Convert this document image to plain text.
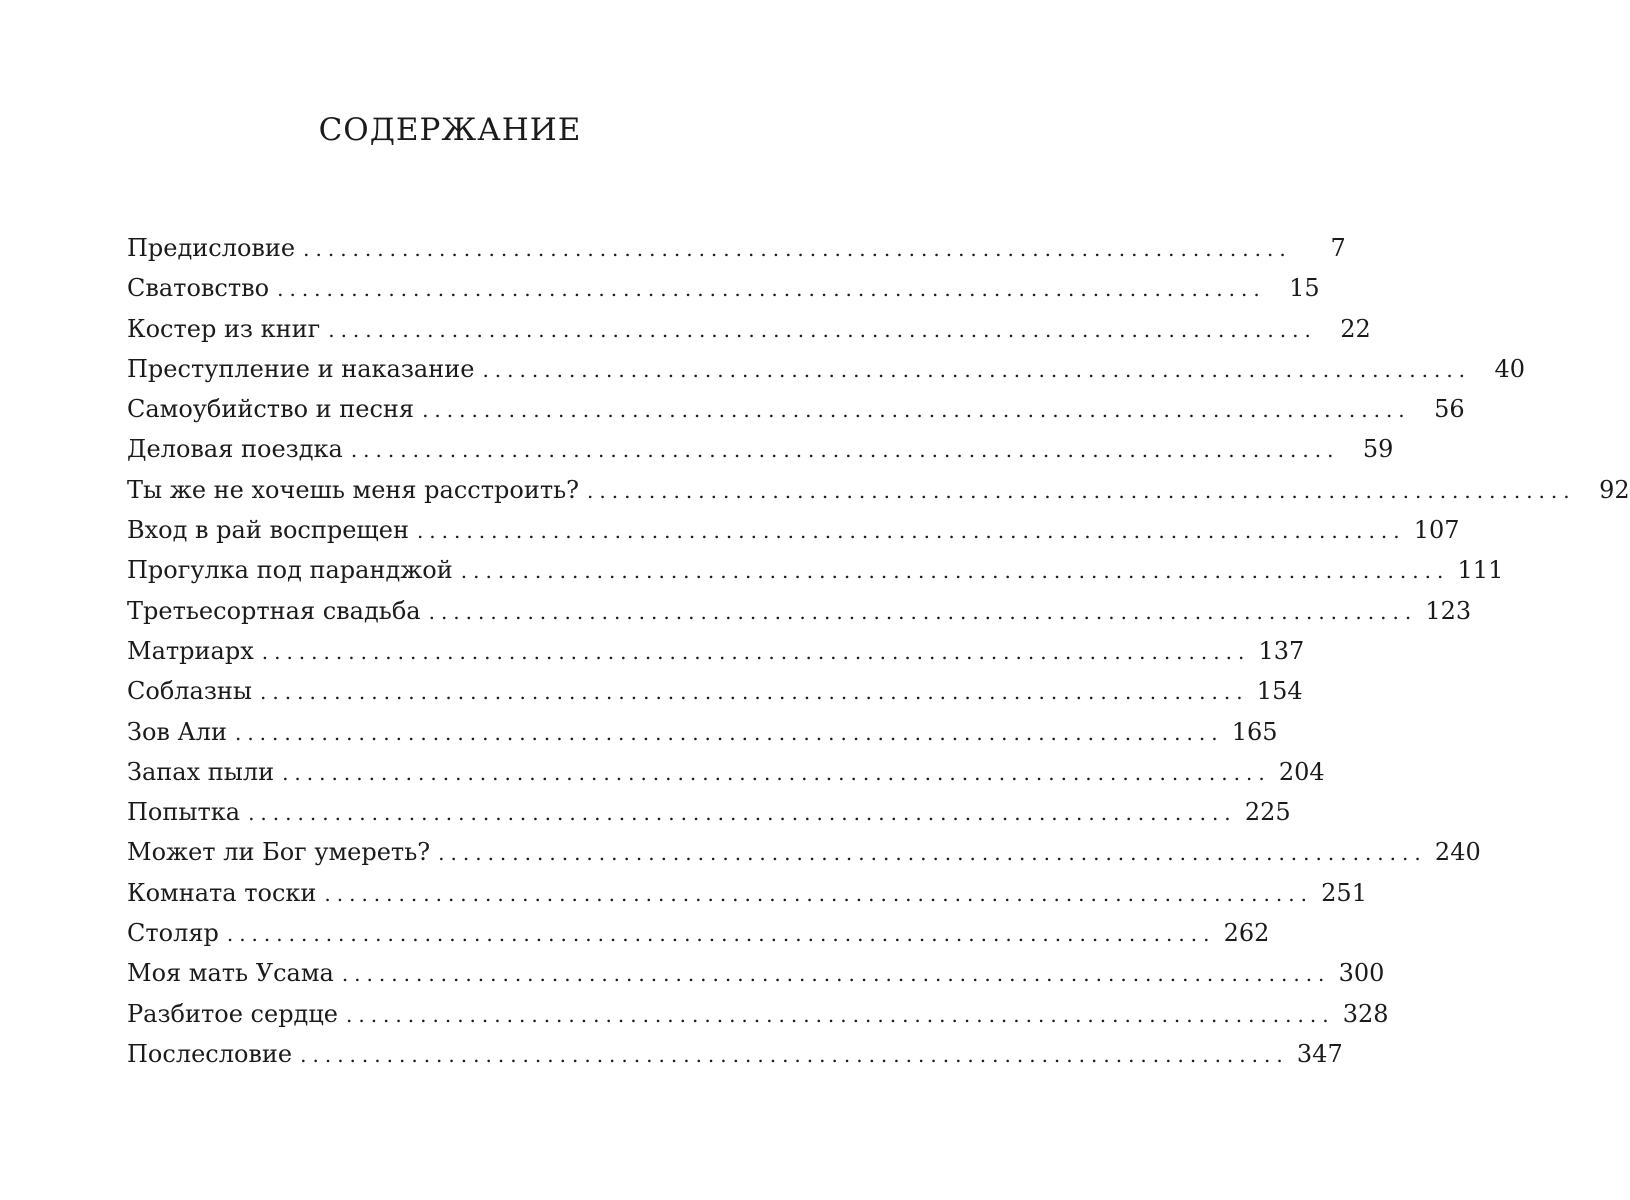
СОДЕРЖАНИЕ
Предисловие ................................................................................	7
Сватовство ................................................................................ 15
Костер из книг ................................................................................ 22
Преступление и наказание ................................................................................ 40
Самоубийство и песня ................................................................................ 56
Деловая поездка ................................................................................ 59
Ты же не хочешь меня расстроить? ................................................................................ 92
Вход в рай воспрещен ................................................................................ 107
Прогулка под паранджой ................................................................................ 111
Третьесортная свадьба ................................................................................ 123
Матриарх ................................................................................ 137
Соблазны ................................................................................ 154
Зов Али ................................................................................ 165
Запах пыли ................................................................................ 204
Попытка ................................................................................ 225
Может ли Бог умереть? ................................................................................ 240
Комната тоски ................................................................................ 251
Столяр ................................................................................ 262
Моя мать Усама ................................................................................ 300
Разбитое сердце ................................................................................ 328
Послесловие ................................................................................ 347
